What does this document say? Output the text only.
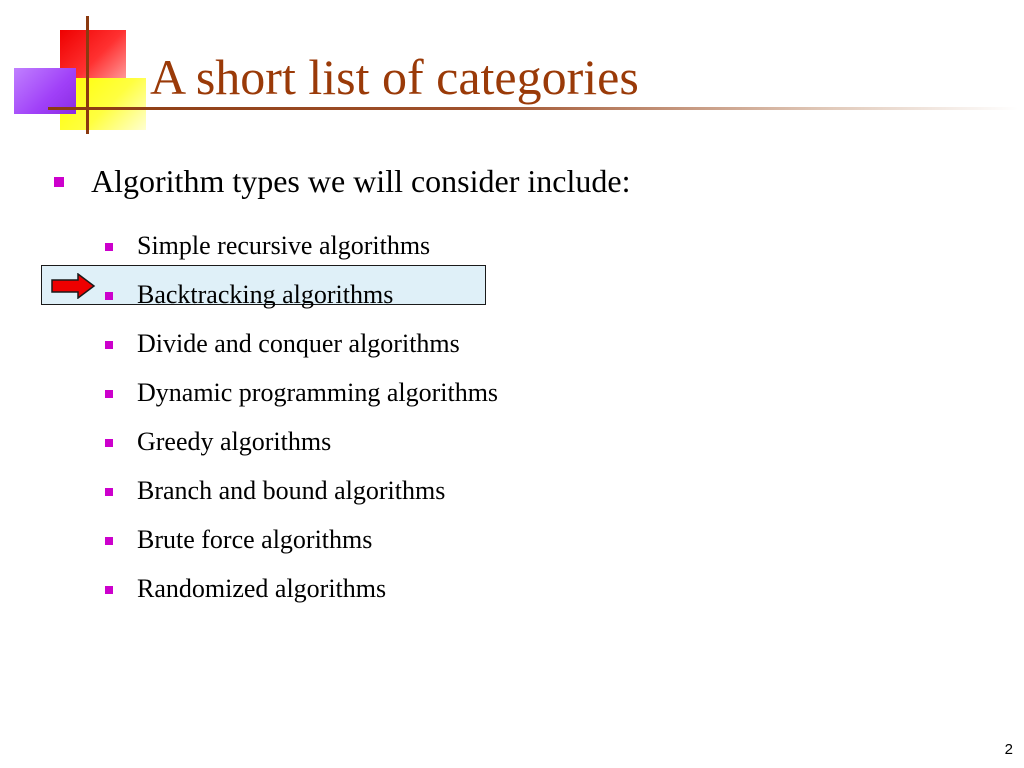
A short list of categories
Algorithm types we will consider include:
Simple recursive algorithms
Backtracking algorithms
Divide and conquer algorithms
Dynamic programming algorithms
Greedy algorithms
Branch and bound algorithms
Brute force algorithms
Randomized algorithms
2
